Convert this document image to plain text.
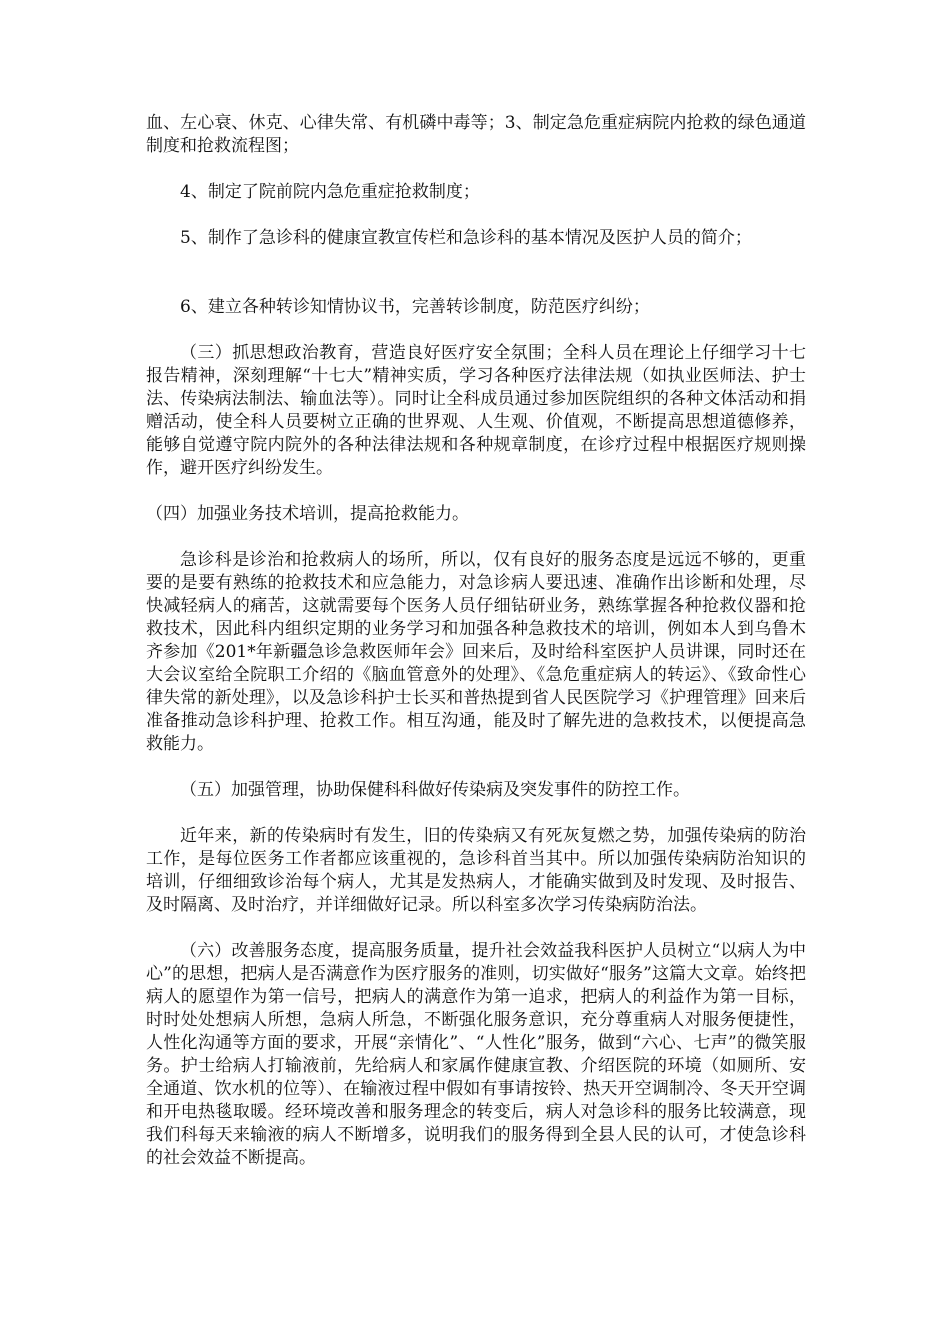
血、左心衰、休克、心律失常、有机磷中毒等；3、制定急危重症病院内抢救的绿色通道制度和抢救流程图；

4、制定了院前院内急危重症抢救制度；

5、制作了急诊科的健康宣教宣传栏和急诊科的基本情况及医护人员的简介；

6、建立各种转诊知情协议书，完善转诊制度，防范医疗纠纷；

（三）抓思想政治教育，营造良好医疗安全氛围；全科人员在理论上仔细学习十七报告精神，深刻理解“十七大”精神实质，学习各种医疗法律法规（如执业医师法、护士法、传染病法制法、输血法等）。同时让全科成员通过参加医院组织的各种文体活动和捐赠活动，使全科人员要树立正确的世界观、人生观、价值观，不断提高思想道德修养，能够自觉遵守院内院外的各种法律法规和各种规章制度，在诊疗过程中根据医疗规则操作，避开医疗纠纷发生。

（四）加强业务技术培训，提高抢救能力。

急诊科是诊治和抢救病人的场所，所以，仅有良好的服务态度是远远不够的，更重要的是要有熟练的抢救技术和应急能力，对急诊病人要迅速、准确作出诊断和处理，尽快减轻病人的痛苦，这就需要每个医务人员仔细钻研业务，熟练掌握各种抢救仪器和抢救技术，因此科内组织定期的业务学习和加强各种急救技术的培训，例如本人到乌鲁木齐参加《201*年新疆急诊急救医师年会》回来后，及时给科室医护人员讲课，同时还在大会议室给全院职工介绍的《脑血管意外的处理》、《急危重症病人的转运》、《致命性心律失常的新处理》，以及急诊科护士长买和普热提到省人民医院学习《护理管理》回来后准备推动急诊科护理、抢救工作。相互沟通，能及时了解先进的急救技术，以便提高急救能力。

（五）加强管理，协助保健科科做好传染病及突发事件的防控工作。

近年来，新的传染病时有发生，旧的传染病又有死灰复燃之势，加强传染病的防治工作，是每位医务工作者都应该重视的，急诊科首当其中。所以加强传染病防治知识的培训，仔细细致诊治每个病人，尤其是发热病人，才能确实做到及时发现、及时报告、及时隔离、及时治疗，并详细做好记录。所以科室多次学习传染病防治法。

（六）改善服务态度，提高服务质量，提升社会效益我科医护人员树立“以病人为中心”的思想，把病人是否满意作为医疗服务的准则，切实做好“服务”这篇大文章。始终把病人的愿望作为第一信号，把病人的满意作为第一追求，把病人的利益作为第一目标，时时处处想病人所想，急病人所急，不断强化服务意识，充分尊重病人对服务便捷性，人性化沟通等方面的要求，开展“亲情化”、“人性化”服务，做到“六心、七声”的微笑服务。护士给病人打输液前，先给病人和家属作健康宣教、介绍医院的环境（如厕所、安全通道、饮水机的位等）、在输液过程中假如有事请按铃、热天开空调制冷、冬天开空调和开电热毯取暖。经环境改善和服务理念的转变后，病人对急诊科的服务比较满意，现我们科每天来输液的病人不断增多，说明我们的服务得到全县人民的认可，才使急诊科的社会效益不断提高。
